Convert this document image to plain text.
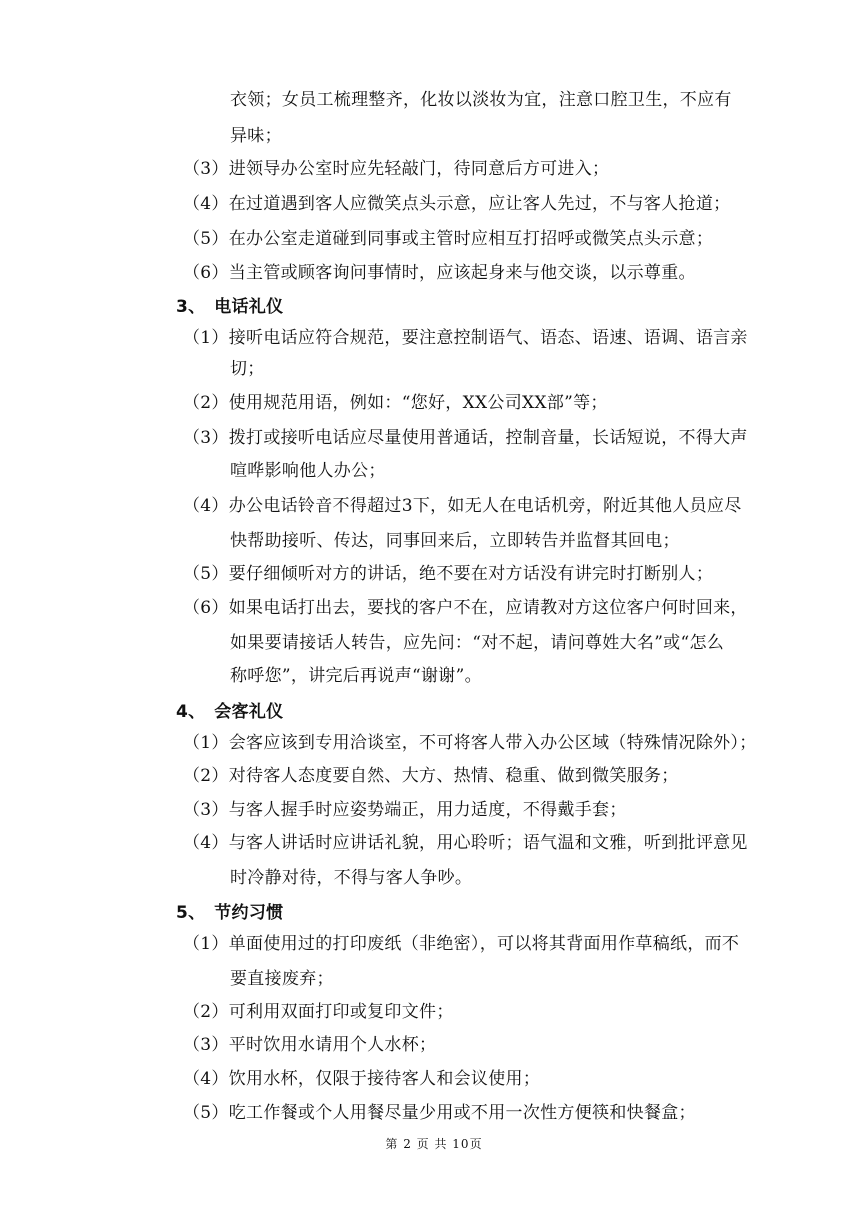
衣领；女员工梳理整齐，化妆以淡妆为宜，注意口腔卫生，不应有
异味；
（3）进领导办公室时应先轻敲门，待同意后方可进入；
（4）在过道遇到客人应微笑点头示意，应让客人先过，不与客人抢道；
（5）在办公室走道碰到同事或主管时应相互打招呼或微笑点头示意；
（6）当主管或顾客询问事情时，应该起身来与他交谈，以示尊重。
3、　电话礼仪
（1）接听电话应符合规范，要注意控制语气、语态、语速、语调、语言亲
切；
（2）使用规范用语，例如：“您好，XX公司XX部”等；
（3）拨打或接听电话应尽量使用普通话，控制音量，长话短说，不得大声
喧哗影响他人办公；
（4）办公电话铃音不得超过3下，如无人在电话机旁，附近其他人员应尽
快帮助接听、传达，同事回来后，立即转告并监督其回电；
（5）要仔细倾听对方的讲话，绝不要在对方话没有讲完时打断别人；
（6）如果电话打出去，要找的客户不在，应请教对方这位客户何时回来，
如果要请接话人转告，应先问：“对不起，请问尊姓大名”或“怎么
称呼您”，讲完后再说声“谢谢”。
4、　会客礼仪
（1）会客应该到专用洽谈室，不可将客人带入办公区域（特殊情况除外）；
（2）对待客人态度要自然、大方、热情、稳重、做到微笑服务；
（3）与客人握手时应姿势端正，用力适度，不得戴手套；
（4）与客人讲话时应讲话礼貌，用心聆听；语气温和文雅，听到批评意见
时冷静对待，不得与客人争吵。
5、　节约习惯
（1）单面使用过的打印废纸（非绝密），可以将其背面用作草稿纸，而不
要直接废弃；
（2）可利用双面打印或复印文件；
（3）平时饮用水请用个人水杯；
（4）饮用水杯，仅限于接待客人和会议使用；
（5）吃工作餐或个人用餐尽量少用或不用一次性方便筷和快餐盒；
第 2 页 共 10页
